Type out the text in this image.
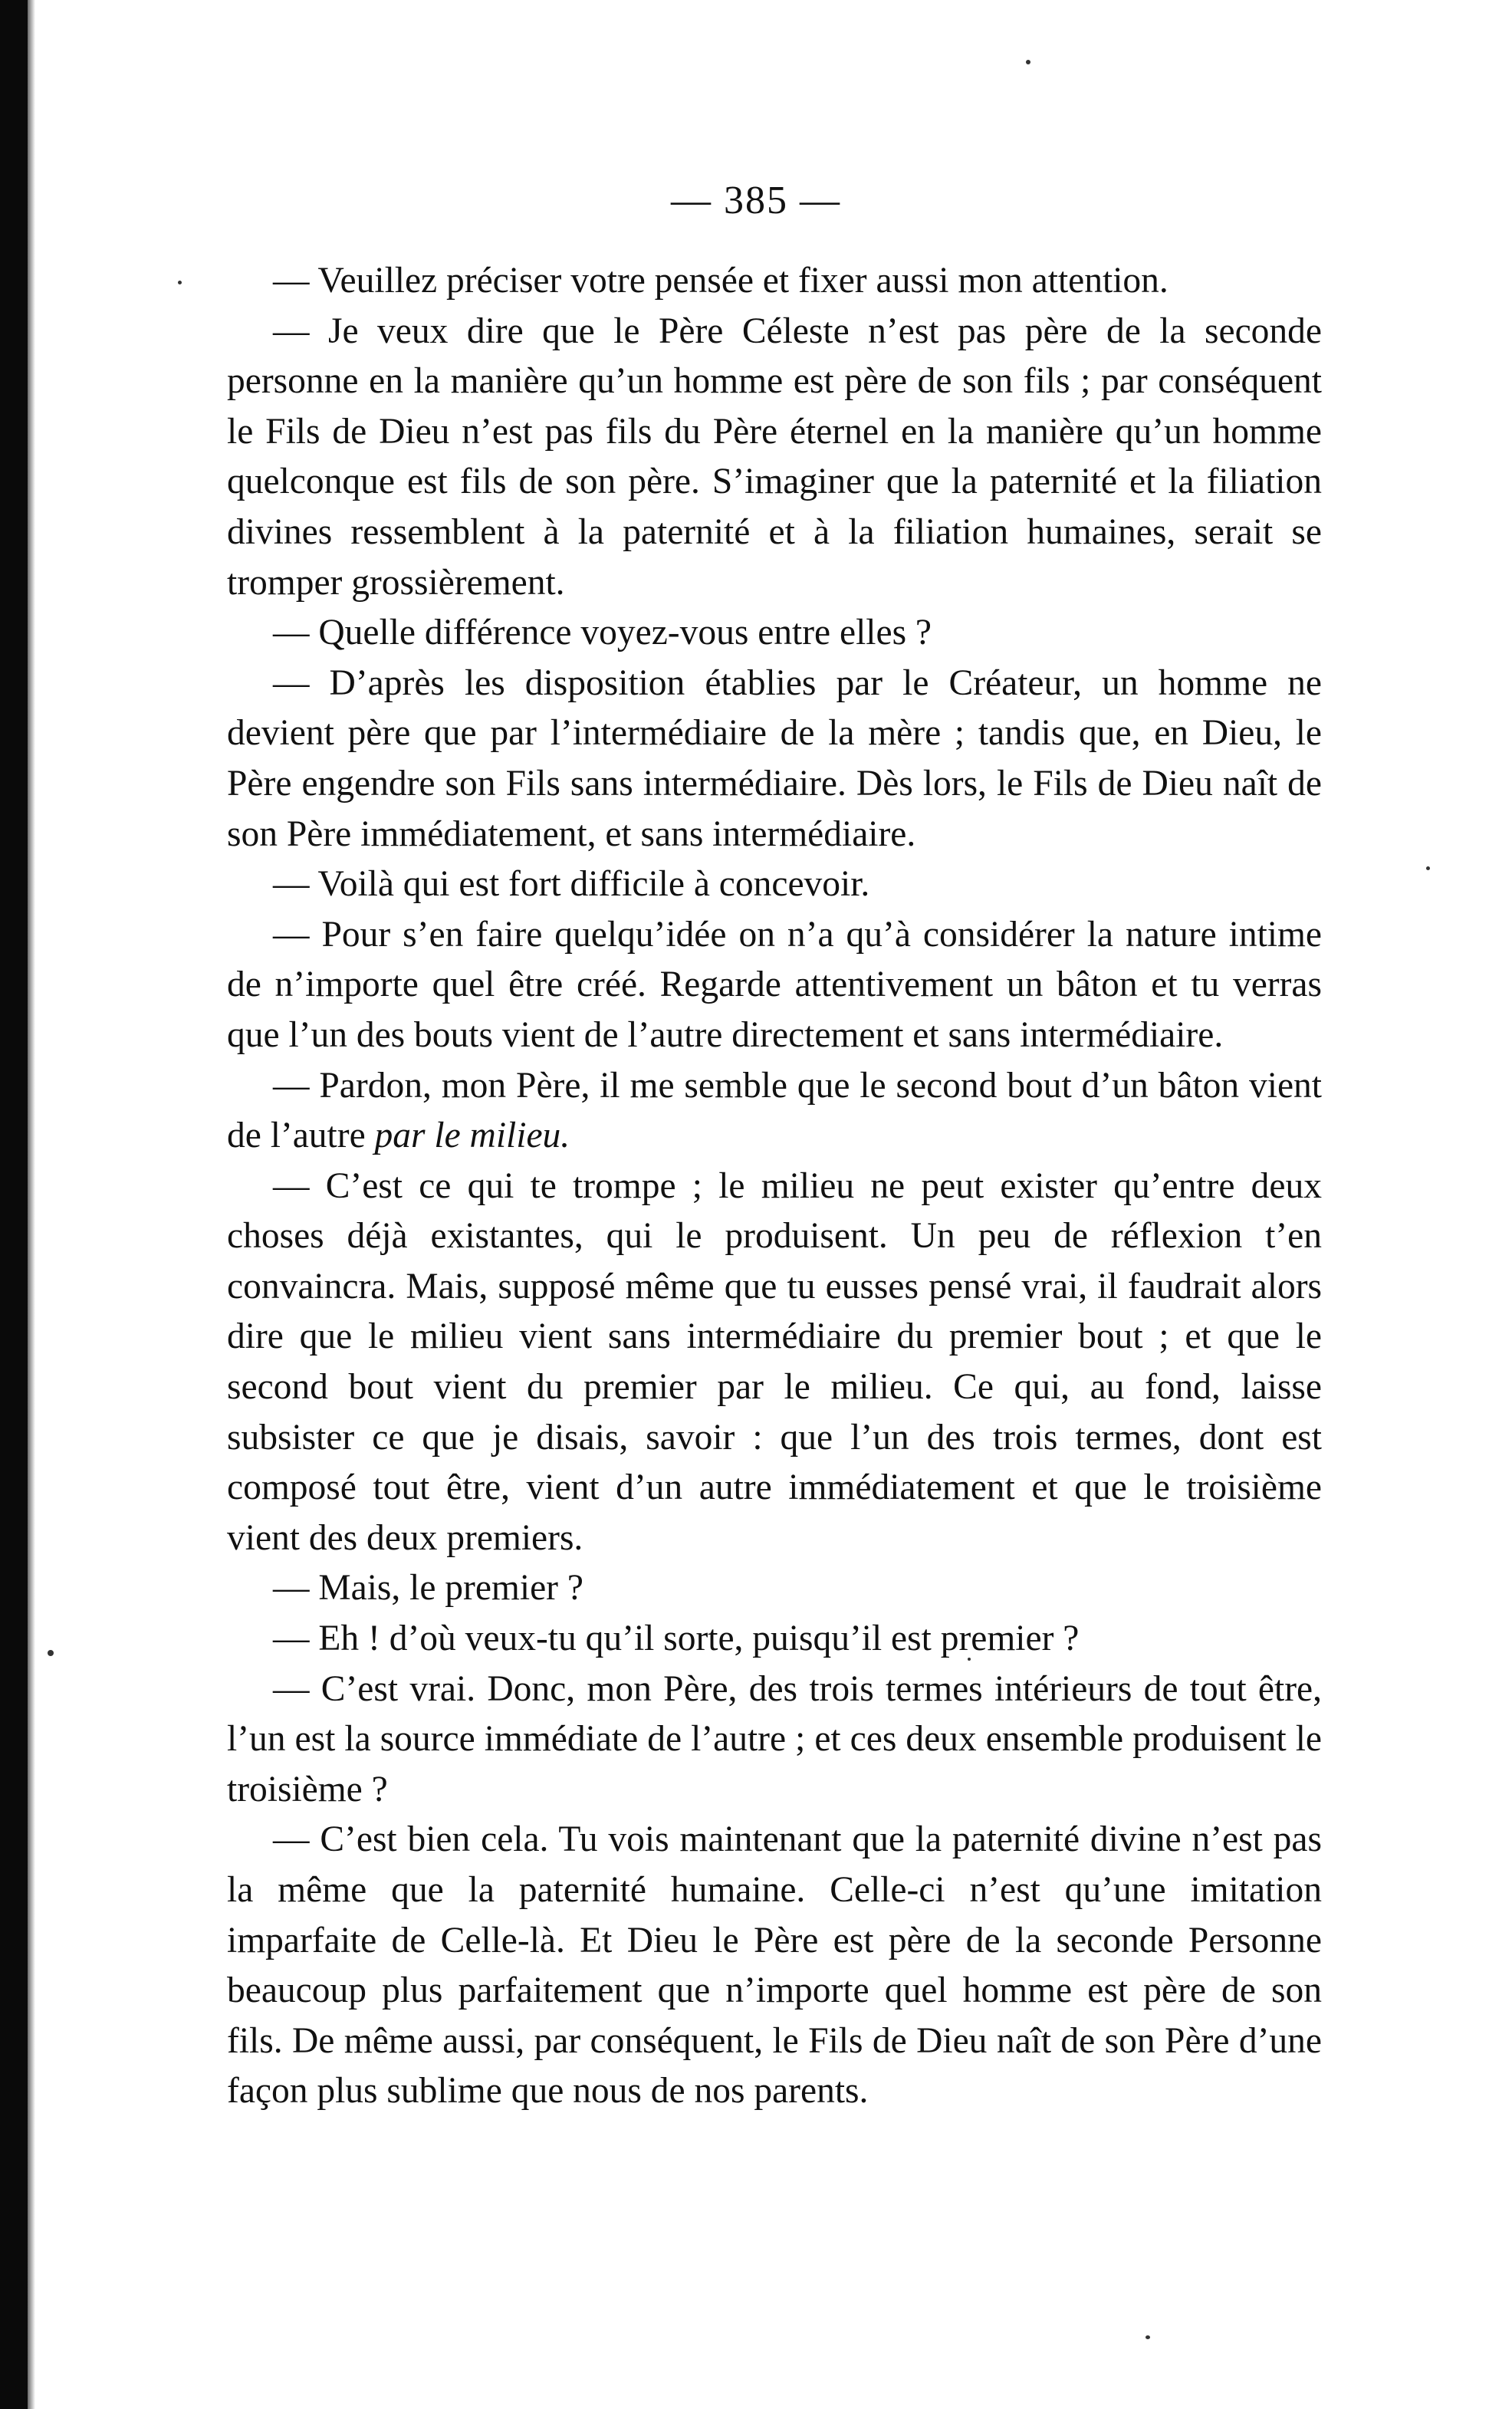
— 385 —

— Veuillez préciser votre pensée et fixer aussi mon attention.

— Je veux dire que le Père Céleste n’est pas père de la seconde personne en la manière qu’un homme est père de son fils ; par conséquent le Fils de Dieu n’est pas fils du Père éternel en la manière qu’un homme quelconque est fils de son père. S’imaginer que la paternité et la filiation divines ressemblent à la paternité et à la filiation humaines, serait se tromper grossièrement.

— Quelle différence voyez-vous entre elles ?

— D’après les disposition établies par le Créateur, un homme ne devient père que par l’intermédiaire de la mère ; tandis que, en Dieu, le Père engendre son Fils sans intermédiaire. Dès lors, le Fils de Dieu naît de son Père immédiatement, et sans intermédiaire.

— Voilà qui est fort difficile à concevoir.

— Pour s’en faire quelqu’idée on n’a qu’à considérer la nature intime de n’importe quel être créé. Regarde attentivement un bâton et tu verras que l’un des bouts vient de l’autre directement et sans intermédiaire.

— Pardon, mon Père, il me semble que le second bout d’un bâton vient de l’autre par le milieu.

— C’est ce qui te trompe ; le milieu ne peut exister qu’entre deux choses déjà existantes, qui le produisent. Un peu de réflexion t’en convaincra. Mais, supposé même que tu eusses pensé vrai, il faudrait alors dire que le milieu vient sans intermédiaire du premier bout ; et que le second bout vient du premier par le milieu. Ce qui, au fond, laisse subsister ce que je disais, savoir : que l’un des trois termes, dont est composé tout être, vient d’un autre immédiatement et que le troisième vient des deux premiers.

— Mais, le premier ?

— Eh ! d’où veux-tu qu’il sorte, puisqu’il est premier ?

— C’est vrai. Donc, mon Père, des trois termes intérieurs de tout être, l’un est la source immédiate de l’autre ; et ces deux ensemble produisent le troisième ?

— C’est bien cela. Tu vois maintenant que la paternité divine n’est pas la même que la paternité humaine. Celle-ci n’est qu’une imitation imparfaite de Celle-là. Et Dieu le Père est père de la seconde Personne beaucoup plus parfaitement que n’importe quel homme est père de son fils. De même aussi, par conséquent, le Fils de Dieu naît de son Père d’une façon plus sublime que nous de nos parents.
